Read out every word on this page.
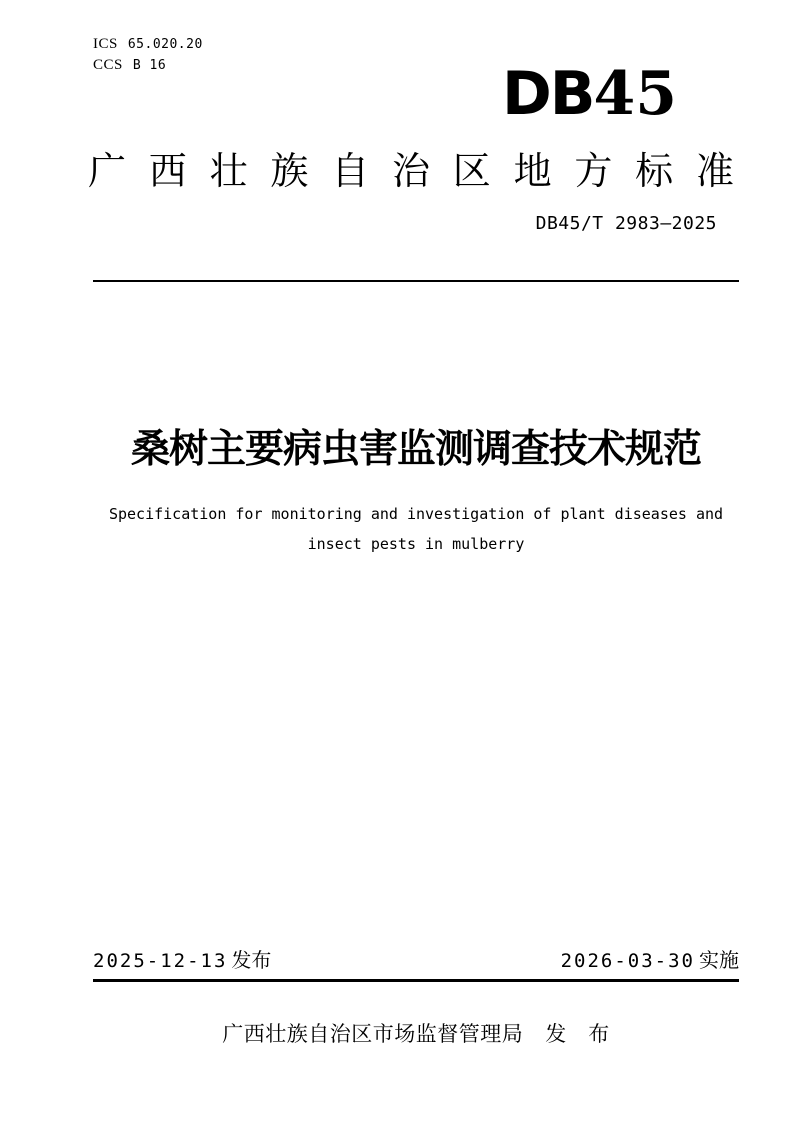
ICS 65.020.20
CCS B 16	DB45
广西壮族自治区地方标准
DB45/T 2983—2025
桑树主要病虫害监测调查技术规范
Specification for monitoring and investigation of plant diseases and
insect pests in mulberry
2025-12-13 发布	2026-03-30 实施
广西壮族自治区市场监督管理局 发　布
